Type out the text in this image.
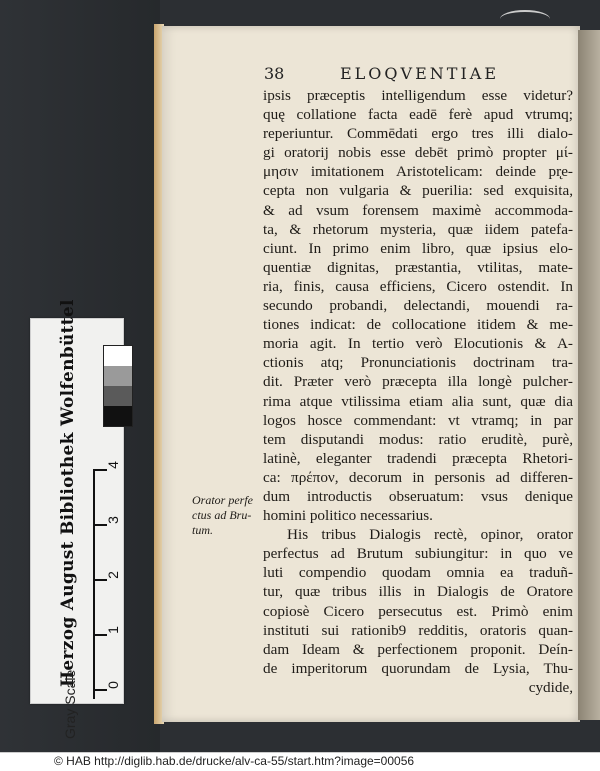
Herzog August Bibliothek Wolfenbüttel
Gray Scale 0
1
2
3
4
38	ELOQVENTIAE
Orator perfe
ctus ad Bru-
tum.
ipsis præceptis intelligendum esse videtur?
quę collatione facta eadē ferè apud vtrumq;
reperiuntur. Commēdati ergo tres illi dialo-
gi oratorij nobis esse debēt primò propter μί-
μησιν imitationem Aristotelicam: deinde pr̨e-
cepta non vulgaria & puerilia: sed exquisita,
& ad vsum forensem maximè accommoda-
ta, & rhetorum mysteria, quæ iidem patefa-
ciunt. In primo enim libro, quæ ipsius elo-
quentiæ dignitas, præstantia, vtilitas, mate-
ria, finis, causa efficiens, Cicero ostendit. In
secundo probandi, delectandi, mouendi ra-
tiones indicat: de collocatione itidem & me-
moria agit. In tertio verò Elocutionis & A-
ctionis atq; Pronunciationis doctrinam tra-
dit. Præter verò præcepta illa longè pulcher-
rima atque vtilissima etiam alia sunt, quæ dia
logos hosce commendant: vt vtramq; in par
tem disputandi modus: ratio eruditè, purè,
latinè, eleganter tradendi præcepta Rhetori-
ca: πρέπον, decorum in personis ad differen-
dum introductis obseruatum: vsus denique
homini politico necessarius.
His tribus Dialogis rectè, opinor, orator
perfectus ad Brutum subiungitur: in quo ve
luti compendio quodam omnia ea traduñ-
tur, quæ tribus illis in Dialogis de Oratore
copiosè Cicero persecutus est. Primò enim
instituti sui rationib9 redditis, oratoris quan-
dam Ideam & perfectionem proponit. Deín-
de imperitorum quorundam de Lysia, Thu-
cydide,
© HAB http://diglib.hab.de/drucke/alv-ca-55/start.htm?image=00056
